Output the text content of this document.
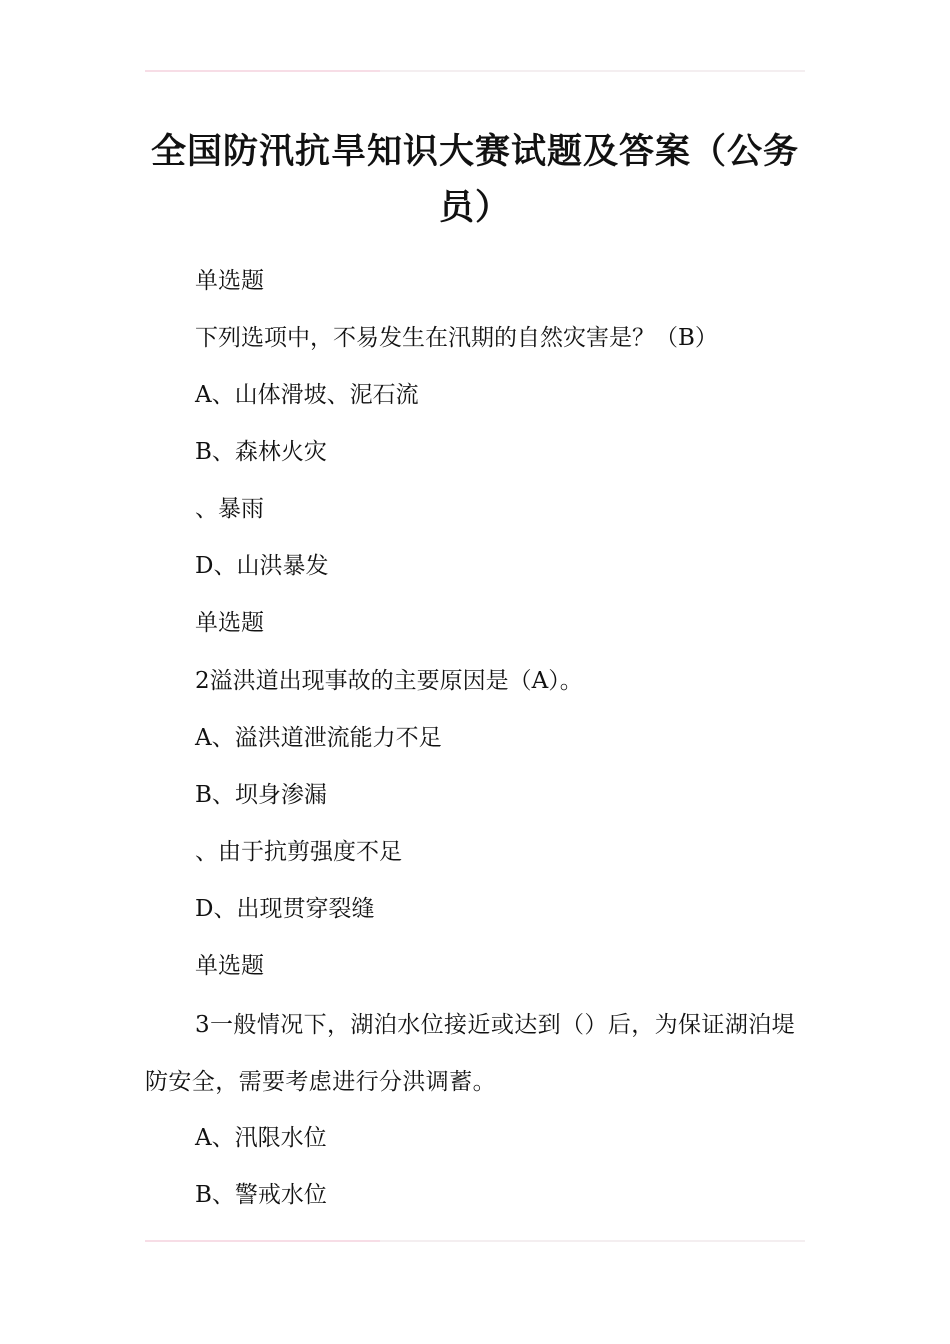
全国防汛抗旱知识大赛试题及答案（公务员）
单选题
下列选项中，不易发生在汛期的自然灾害是？（B）
A、山体滑坡、泥石流
B、森林火灾
、暴雨
D、山洪暴发
单选题
2溢洪道出现事故的主要原因是（A）。
A、溢洪道泄流能力不足
B、坝身渗漏
、由于抗剪强度不足
D、出现贯穿裂缝
单选题
3一般情况下，湖泊水位接近或达到（）后，为保证湖泊堤防安全，需要考虑进行分洪调蓄。
A、汛限水位
B、警戒水位
